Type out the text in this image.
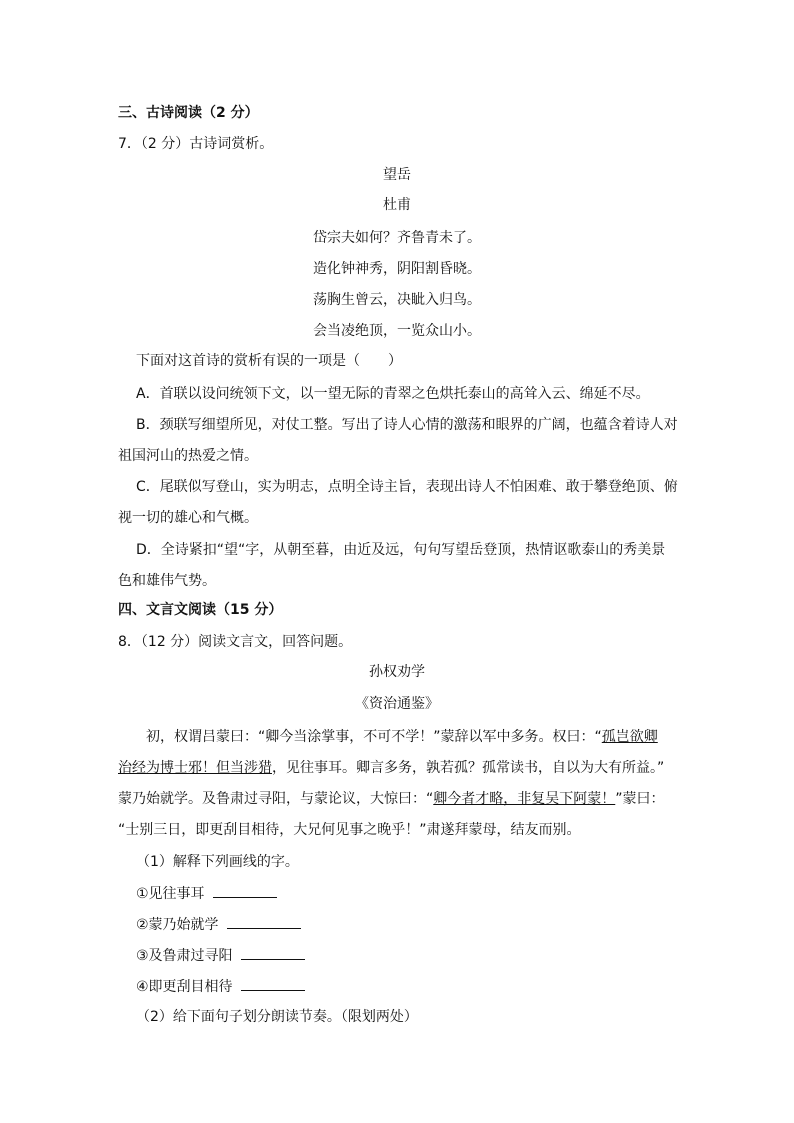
三、古诗阅读（2 分）
7．（2 分）古诗词赏析。
望岳
杜甫
岱宗夫如何？齐鲁青未了。
造化钟神秀，阴阳割昏晓。
荡胸生曾云，决眦入归鸟。
会当凌绝顶，一览众山小。
下面对这首诗的赏析有误的一项是（　　）
A．首联以设问统领下文，以一望无际的青翠之色烘托泰山的高耸入云、绵延不尽。
B．颈联写细望所见，对仗工整。写出了诗人心情的激荡和眼界的广阔，也蕴含着诗人对
祖国河山的热爱之情。
C．尾联似写登山，实为明志，点明全诗主旨，表现出诗人不怕困难、敢于攀登绝顶、俯
视一切的雄心和气概。
D．全诗紧扣“望“字，从朝至暮，由近及远，句句写望岳登顶，热情讴歌泰山的秀美景
色和雄伟气势。
四、文言文阅读（15 分）
8．（12 分）阅读文言文，回答问题。
孙权劝学
《资治通鉴》
初，权谓吕蒙曰：“卿今当涂掌事，不可不学！”蒙辞以军中多务。权曰：“孤岂欲卿
治经为博士邪！但当涉猎，见往事耳。卿言多务，孰若孤？孤常读书，自以为大有所益。”
蒙乃始就学。及鲁肃过寻阳，与蒙论议，大惊曰：“卿今者才略，非复吴下阿蒙！”蒙曰：
“士别三日，即更刮目相待，大兄何见事之晚乎！”肃遂拜蒙母，结友而别。
（1）解释下列画线的字。
①见往事耳
②蒙乃始就学
③及鲁肃过寻阳
④即更刮目相待
（2）给下面句子划分朗读节奏。（限划两处）
